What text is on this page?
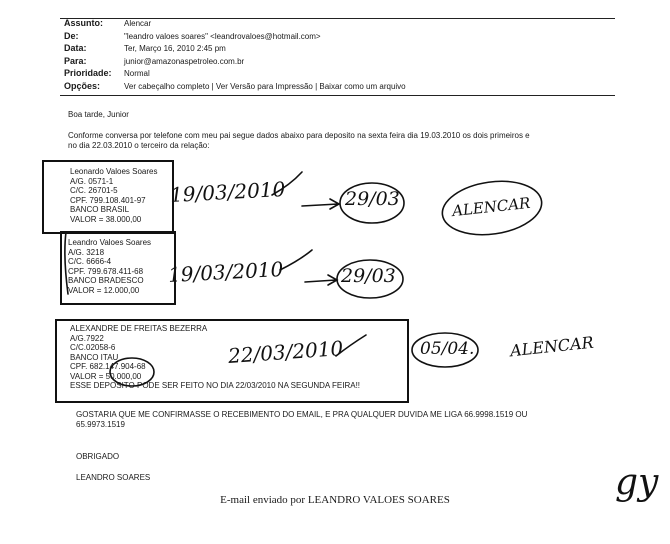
Assunto:	Alencar
De:	"leandro valoes soares" <leandrovaloes@hotmail.com>
Data:	Ter, Março 16, 2010 2:45 pm
Para:	junior@amazonaspetroleo.com.br
Prioridade: Normal
Opções:	Ver cabeçalho completo | Ver Versão para Impressão | Baixar como um arquivo
Boa tarde, Junior
Conforme conversa por telefone com meu pai segue dados abaixo para deposito na sexta feira dia 19.03.2010 os dois primeiros e
no dia 22.03.2010 o terceiro da relação:
Leonardo Valoes Soares
A/G. 0571-1
C/C. 26701-5
CPF. 799.108.401-97
BANCO BRASIL
VALOR = 38.000,00
Leandro Valoes Soares
A/G. 3218
C/C. 6666-4
CPF. 799.678.411-68
BANCO BRADESCO
VALOR = 12.000,00
ALEXANDRE DE FREITAS BEZERRA
A/G.7922
C/C.02058-6
BANCO ITAU
CPF. 682.147.904-68
VALOR = 50.000,00
ESSE DEPOSITO PODE SER FEITO NO DIA 22/03/2010 NA SEGUNDA FEIRA!!
GOSTARIA QUE ME CONFIRMASSE O RECEBIMENTO DO EMAIL, E PRA QUALQUER DUVIDA ME LIGA 66.9998.1519 OU
65.9973.1519
OBRIGADO
LEANDRO SOARES
19/03/2010	29/03	ALENCAR
19/03/2010	29/03
22/03/2010	05/04. ALENCAR
gy
E-mail enviado por LEANDRO VALOES SOARES
